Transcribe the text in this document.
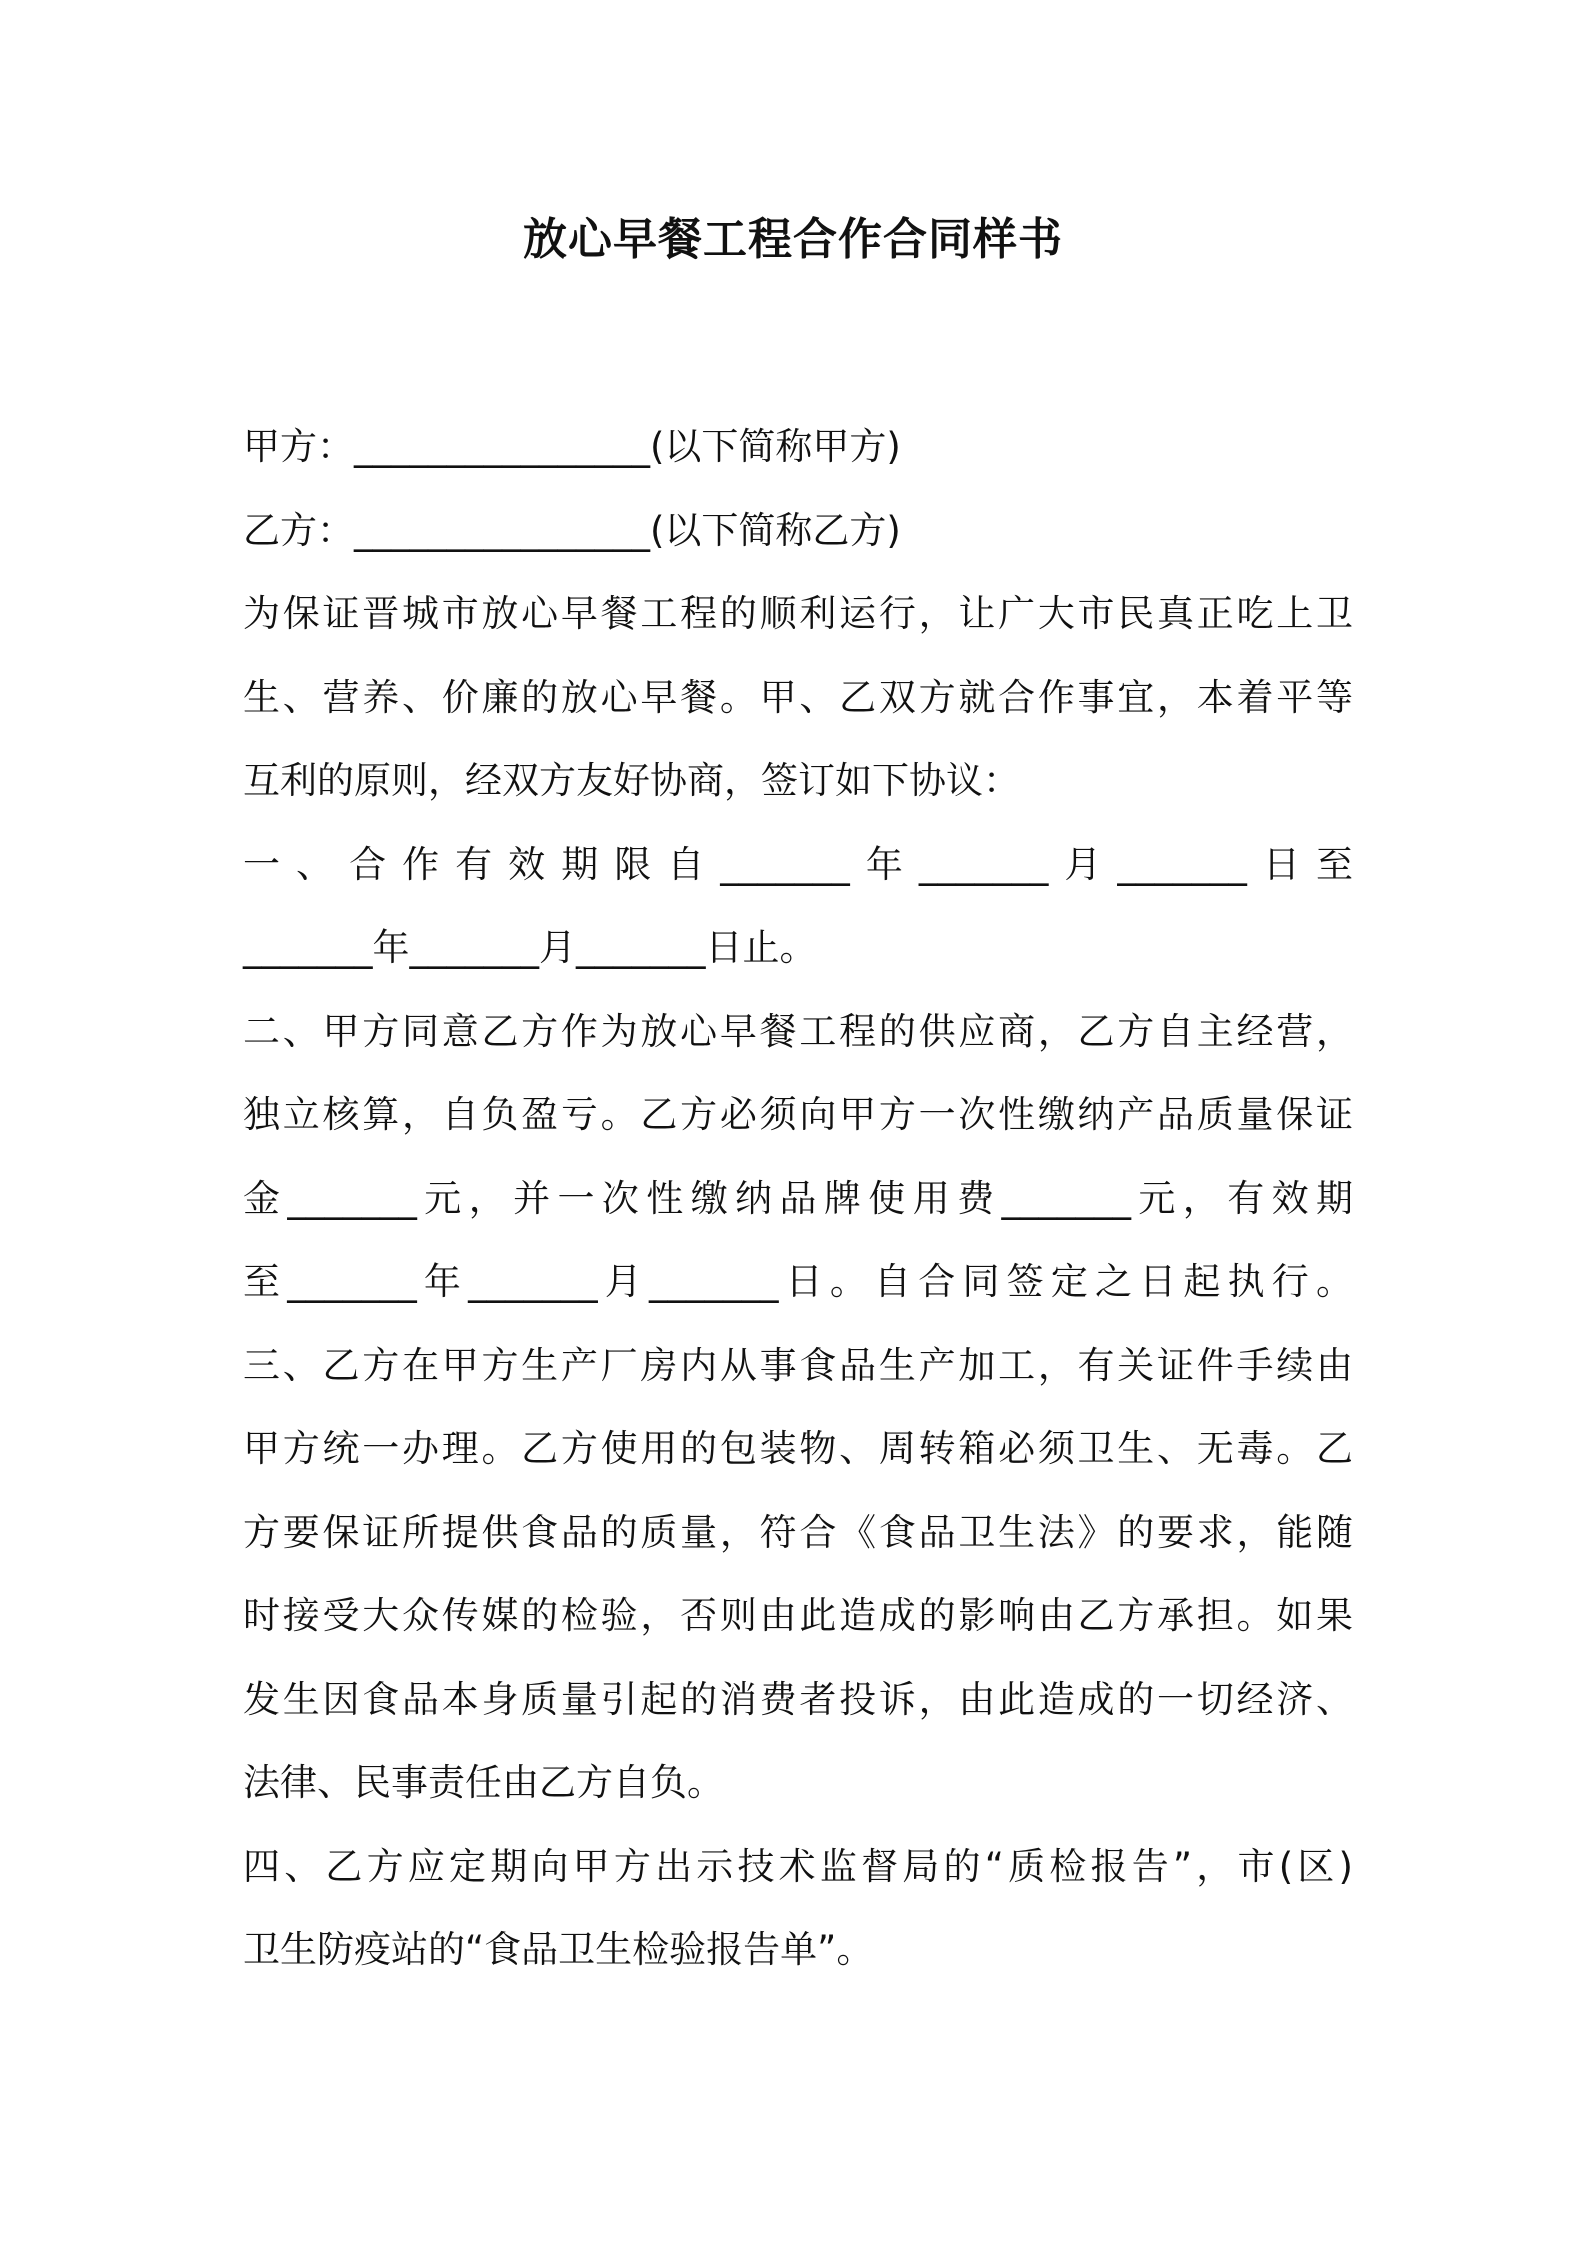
放心早餐工程合作合同样书
甲方：________________(以下简称甲方)
乙方：________________(以下简称乙方)
为保证晋城市放心早餐工程的顺利运行，让广大市民真正吃上卫
生、营养、价廉的放心早餐。甲、乙双方就合作事宜，本着平等
互利的原则，经双方友好协商，签订如下协议：
一、合作有效期限自_______年_______月_______日至
_______年_______月_______日止。
二、甲方同意乙方作为放心早餐工程的供应商，乙方自主经营，
独立核算，自负盈亏。乙方必须向甲方一次性缴纳产品质量保证
金_______元，并一次性缴纳品牌使用费_______元，有效期
至_______年_______月_______日。自合同签定之日起执行。
三、乙方在甲方生产厂房内从事食品生产加工，有关证件手续由
甲方统一办理。乙方使用的包装物、周转箱必须卫生、无毒。乙
方要保证所提供食品的质量，符合《食品卫生法》的要求，能随
时接受大众传媒的检验，否则由此造成的影响由乙方承担。如果
发生因食品本身质量引起的消费者投诉，由此造成的一切经济、
法律、民事责任由乙方自负。
四、乙方应定期向甲方出示技术监督局的“质检报告”，市(区)
卫生防疫站的“食品卫生检验报告单”。
